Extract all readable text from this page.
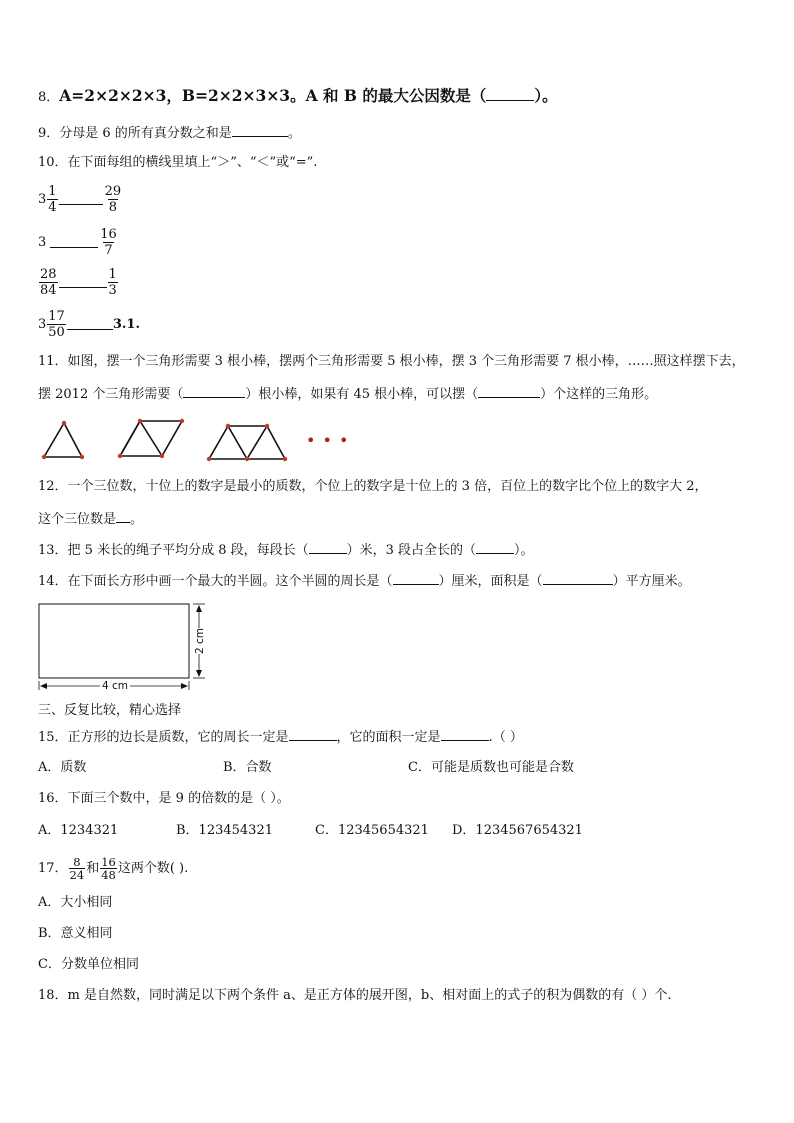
8．A=2×2×2×3，B=2×2×3×3。A 和 B 的最大公因数是（	）。
9．分母是 6 的所有真分数之和是	。
10．在下面每组的横线里填上“＞”、“＜”或“=”.
$3 \frac{1}{4}$	$\frac{29}{8}$
3	$\frac{16}{7}$
$\frac{28}{84}$	$\frac{1}{3}$
$3 \frac{17}{50}$	3.1.
11．如图，摆一个三角形需要 3 根小棒，摆两个三角形需要 5 根小棒，摆 3 个三角形需要 7 根小棒，……照这样摆下去，
摆 2012 个三角形需要（	）根小棒，如果有 45 根小棒，可以摆（	）个这样的三角形。
• • •
12．一个三位数，十位上的数字是最小的质数，个位上的数字是十位上的 3 倍，百位上的数字比个位上的数字大 2，
这个三位数是 。
13．把 5 米长的绳子平均分成 8 段，每段长（	）米，3 段占全长的（	）。
14．在下面长方形中画一个最大的半圆。这个半圆的周长是（	）厘米，面积是（	）平方厘米。
2 cm
4 cm
三、反复比较，精心选择
15．正方形的边长是质数，它的周长一定是	，它的面积一定是	.（ ）
A．质数	B．合数	C．可能是质数也可能是合数
16．下面三个数中，是 9 的倍数的是（ ）。
A．1234321	B．123454321	C．12345654321 D．1234567654321
17． $\frac{8}{24}$ 和 $\frac{16}{48}$ 这两个数( ).
A．大小相同
B．意义相同
C．分数单位相同
18．m 是自然数，同时满足以下两个条件 a、是正方体的展开图，b、相对面上的式子的积为偶数的有（ ）个.
